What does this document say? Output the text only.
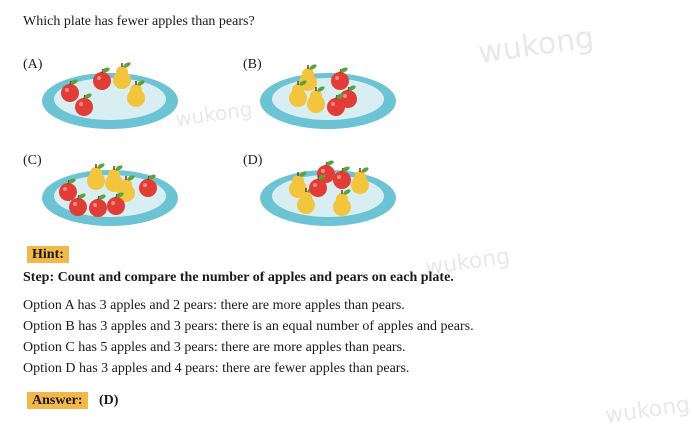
Which plate has fewer apples than pears?	wukong
wukong
wukong
wukong
(A)	(B)
(C)	(D)
Hint:
Step: Count and compare the number of apples and pears on each plate.
Option A has 3 apples and 2 pears: there are more apples than pears.
Option B has 3 apples and 3 pears: there is an equal number of apples and pears.
Option C has 5 apples and 3 pears: there are more apples than pears.
Option D has 3 apples and 4 pears: there are fewer apples than pears.
Answer:	(D)
